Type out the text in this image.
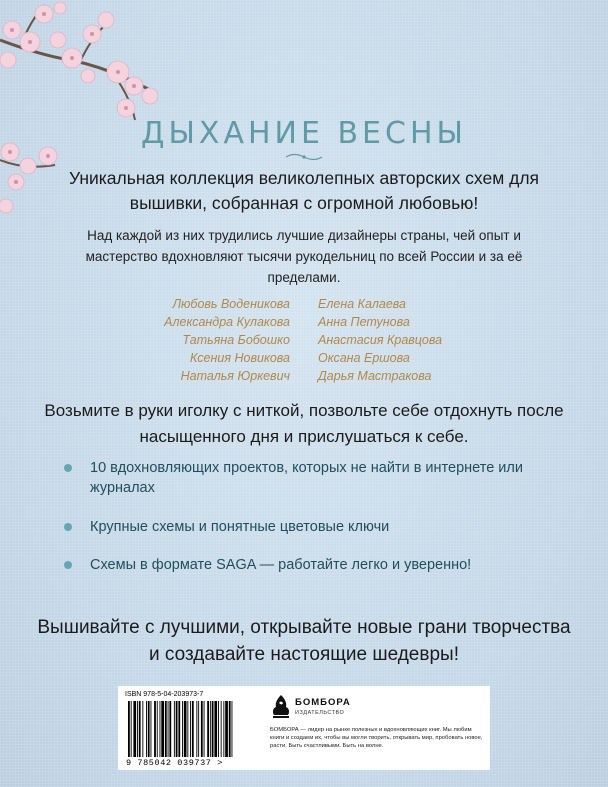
ДЫХАНИЕ ВЕСНЫ

Уникальная коллекция великолепных авторских схем для вышивки, собранная с огромной любовью!

Над каждой из них трудились лучшие дизайнеры страны, чей опыт и мастерство вдохновляют тысячи рукодельниц по всей России и за её пределами.

Любовь Воденикова
Александра Кулакова
Татьяна Бобошко
Ксения Новикова
Наталья Юркевич
Елена Калаева
Анна Петунова
Анастасия Кравцова
Оксана Ершова
Дарья Мастракова

Возьмите в руки иголку с ниткой, позвольте себе отдохнуть после насыщенного дня и прислушаться к себе.

10 вдохновляющих проектов, которых не найти в интернете или журналах
Крупные схемы и понятные цветовые ключи
Схемы в формате SAGA — работайте легко и уверенно!

Вышивайте с лучшими, открывайте новые грани творчества и создавайте настоящие шедевры!

ISBN 978-5-04-203973-7
9 785042 039737 >
БОМБОРА
ИЗДАТЕЛЬСТВО
БОМБОРА — лидер на рынке полезных и вдохновляющих книг. Мы любим книги и создаем их, чтобы вы могли творить, открывать мир, пробовать новое, расти. Быть счастливыми. Быть на волне.
